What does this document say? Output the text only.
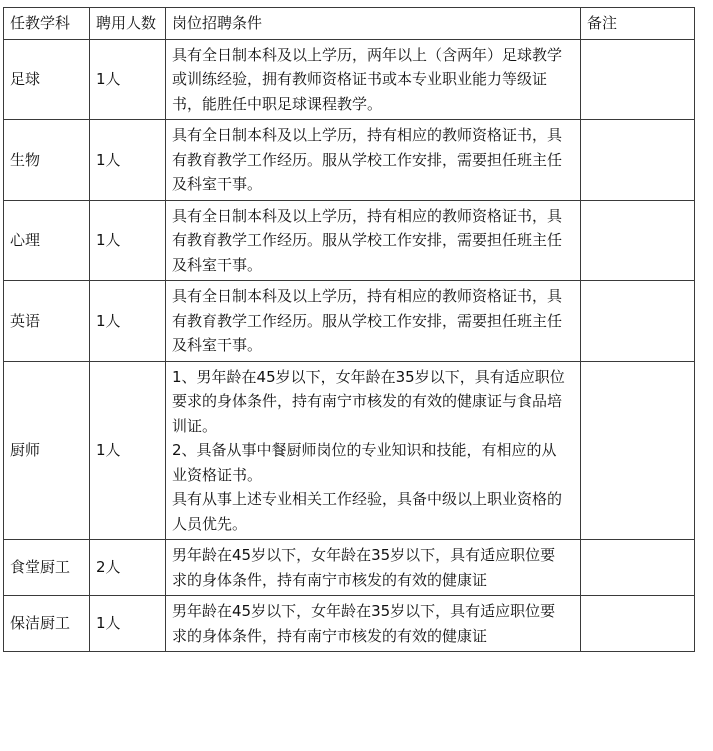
任教学科	聘用人数	岗位招聘条件	备注
足球	1人	具有全日制本科及以上学历，两年以上（含两年）足球教学或训练经验，拥有教师资格证书或本专业职业能力等级证书，能胜任中职足球课程教学。	

生物	1人	具有全日制本科及以上学历，持有相应的教师资格证书，具有教育教学工作经历。服从学校工作安排，需要担任班主任及科室干事。	

心理	1人	具有全日制本科及以上学历，持有相应的教师资格证书，具有教育教学工作经历。服从学校工作安排，需要担任班主任及科室干事。	

英语	1人	具有全日制本科及以上学历，持有相应的教师资格证书，具有教育教学工作经历。服从学校工作安排，需要担任班主任及科室干事。	

厨师	1人	1、男年龄在45岁以下，女年龄在35岁以下，具有适应职位要求的身体条件，持有南宁市核发的有效的健康证与食品培训证。
2、具备从事中餐厨师岗位的专业知识和技能，有相应的从业资格证书。
具有从事上述专业相关工作经验，具备中级以上职业资格的人员优先。	

食堂厨工	2人	男年龄在45岁以下，女年龄在35岁以下，具有适应职位要求的身体条件，持有南宁市核发的有效的健康证	

保洁厨工	1人	男年龄在45岁以下，女年龄在35岁以下，具有适应职位要求的身体条件，持有南宁市核发的有效的健康证	
